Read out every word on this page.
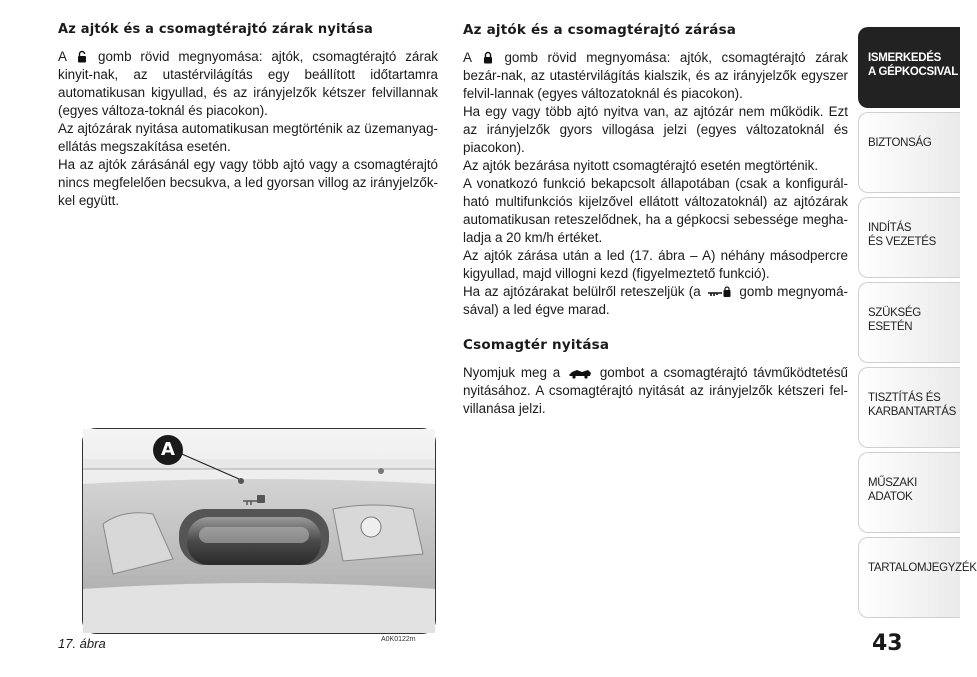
Az ajtók és a csomagtérajtó zárak nyitása

A gomb rövid megnyomása: ajtók, csomagtérajtó zárak kinyit-nak, az utastérvilágítás egy beállított időtartamra automatikusan kigyullad, és az irányjelzők kétszer felvillannak (egyes változa-toknál és piacokon).

Az ajtózárak nyitása automatikusan megtörténik az üzemanyag-ellátás megszakítása esetén.

Ha az ajtók zárásánál egy vagy több ajtó vagy a csomagtérajtó nincs megfelelően becsukva, a led gyorsan villog az irányjelzők-kel együtt.

Az ajtók és a csomagtérajtó zárása

A gomb rövid megnyomása: ajtók, csomagtérajtó zárak bezár-nak, az utastérvilágítás kialszik, és az irányjelzők egyszer felvil-lannak (egyes változatoknál és piacokon).

Ha egy vagy több ajtó nyitva van, az ajtózár nem működik. Ezt az irányjelzők gyors villogása jelzi (egyes változatoknál és piacokon).

Az ajtók bezárása nyitott csomagtérajtó esetén megtörténik.

A vonatkozó funkció bekapcsolt állapotában (csak a konfigurál-ható multifunkciós kijelzővel ellátott változatoknál) az ajtózárak automatikusan reteszelődnek, ha a gépkocsi sebessége megha-ladja a 20 km/h értéket.

Az ajtók zárása után a led (17. ábra – A) néhány másodpercre kigyullad, majd villogni kezd (figyelmeztető funkció).

Ha az ajtózárakat belülről reteszeljük (a	gomb megnyomá-sával) a led égve marad.

Csomagtér nyitása

Nyomjuk meg a	gombot a csomagtérajtó távműködtetésű nyitásához. A csomagtérajtó nyitását az irányjelzők kétszeri fel-villanása jelzi.

A
17. ábra	A0K0122m
ISMERKEDÉS
A GÉPKOCSIVAL
BIZTONSÁG
INDÍTÁS
ÉS VEZETÉS
SZÜKSÉG
ESETÉN
TISZTÍTÁS ÉS
KARBANTARTÁS
MŰSZAKI
ADATOK
TARTALOMJEGYZÉK
43
